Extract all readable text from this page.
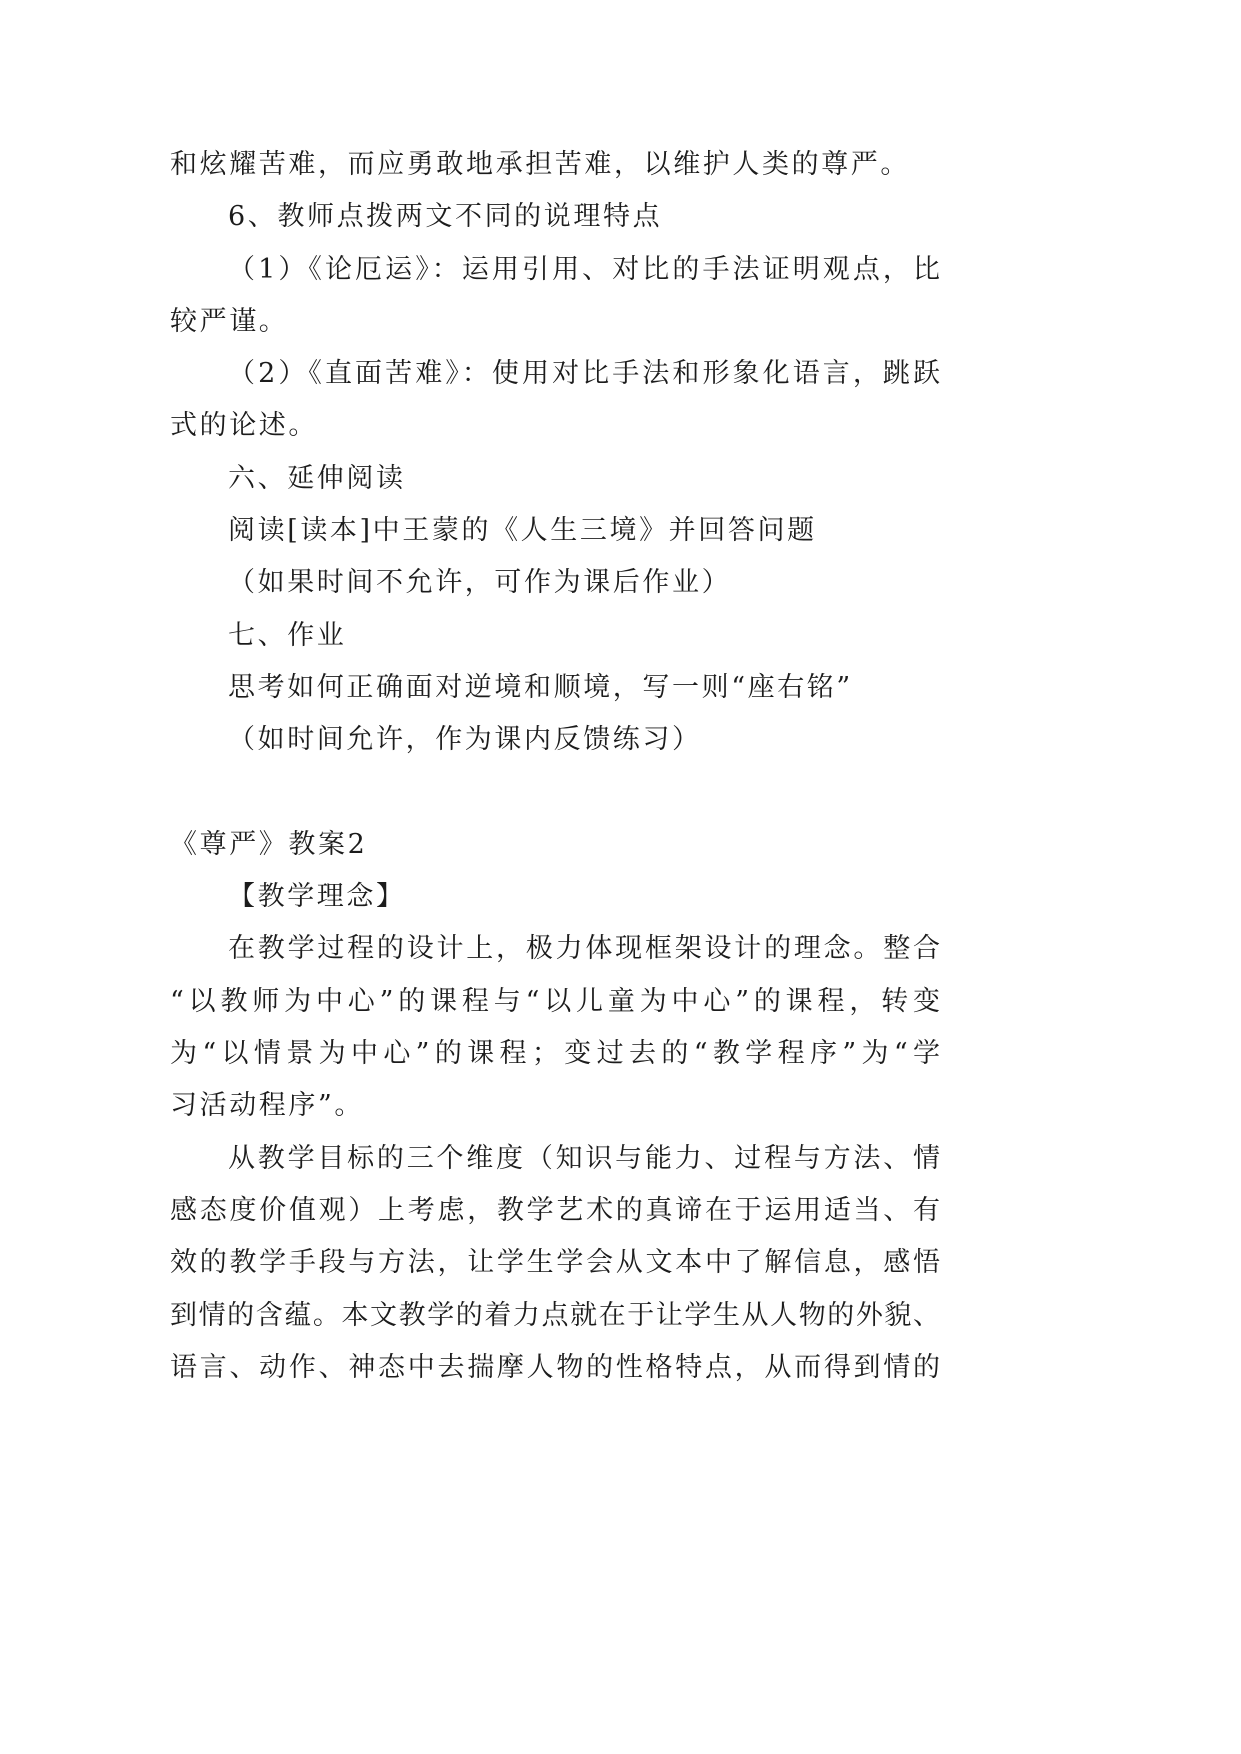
和炫耀苦难，而应勇敢地承担苦难，以维护人类的尊严。
6、教师点拨两文不同的说理特点
（1）《论厄运》：运用引用、对比的手法证明观点，比
较严谨。
（2）《直面苦难》：使用对比手法和形象化语言，跳跃
式的论述。
六、延伸阅读
阅读[读本]中王蒙的《人生三境》并回答问题
（如果时间不允许，可作为课后作业）
七、作业
思考如何正确面对逆境和顺境，写一则“座右铭”
（如时间允许，作为课内反馈练习）
《尊严》教案2
【教学理念】
在教学过程的设计上，极力体现框架设计的理念。整合
“以教师为中心”的课程与“以儿童为中心”的课程，转变
为“以情景为中心”的课程；变过去的“教学程序”为“学
习活动程序”。
从教学目标的三个维度（知识与能力、过程与方法、情
感态度价值观）上考虑，教学艺术的真谛在于运用适当、有
效的教学手段与方法，让学生学会从文本中了解信息，感悟
到情的含蕴。本文教学的着力点就在于让学生从人物的外貌、
语言、动作、神态中去揣摩人物的性格特点，从而得到情的
